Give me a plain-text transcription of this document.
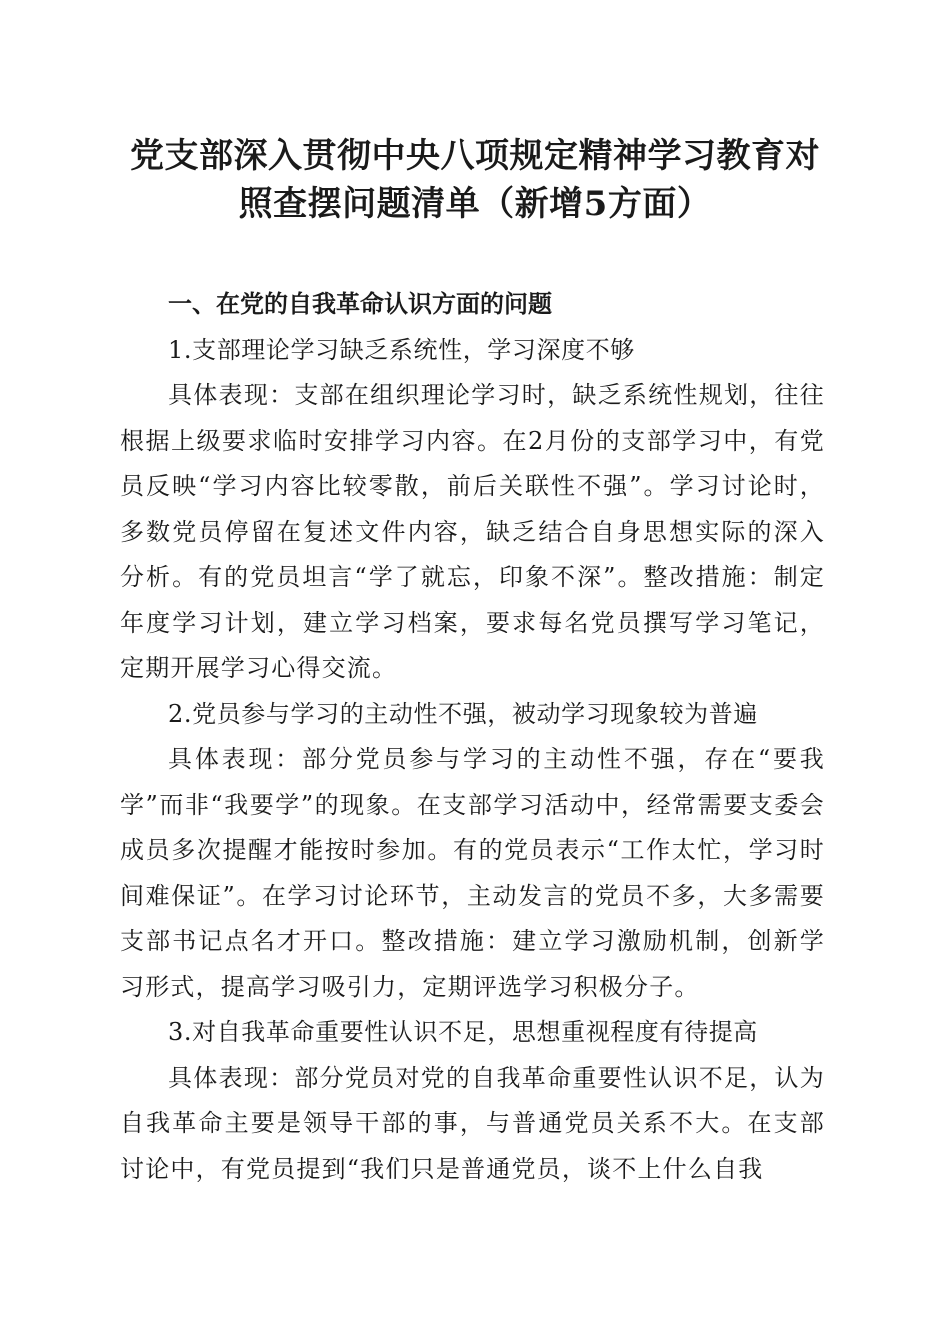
党支部深入贯彻中央八项规定精神学习教育对
照查摆问题清单（新增5方面）

一、在党的自我革命认识方面的问题

1.支部理论学习缺乏系统性，学习深度不够

具体表现：支部在组织理论学习时，缺乏系统性规划，往往根据上级要求临时安排学习内容。在2月份的支部学习中，有党员反映“学习内容比较零散，前后关联性不强”。学习讨论时，多数党员停留在复述文件内容，缺乏结合自身思想实际的深入分析。有的党员坦言“学了就忘，印象不深”。整改措施：制定年度学习计划，建立学习档案，要求每名党员撰写学习笔记，定期开展学习心得交流。

2.党员参与学习的主动性不强，被动学习现象较为普遍

具体表现：部分党员参与学习的主动性不强，存在“要我学”而非“我要学”的现象。在支部学习活动中，经常需要支委会成员多次提醒才能按时参加。有的党员表示“工作太忙，学习时间难保证”。在学习讨论环节，主动发言的党员不多，大多需要支部书记点名才开口。整改措施：建立学习激励机制，创新学习形式，提高学习吸引力，定期评选学习积极分子。

3.对自我革命重要性认识不足，思想重视程度有待提高

具体表现：部分党员对党的自我革命重要性认识不足，认为自我革命主要是领导干部的事，与普通党员关系不大。在支部讨论中，有党员提到“我们只是普通党员，谈不上什么自我
